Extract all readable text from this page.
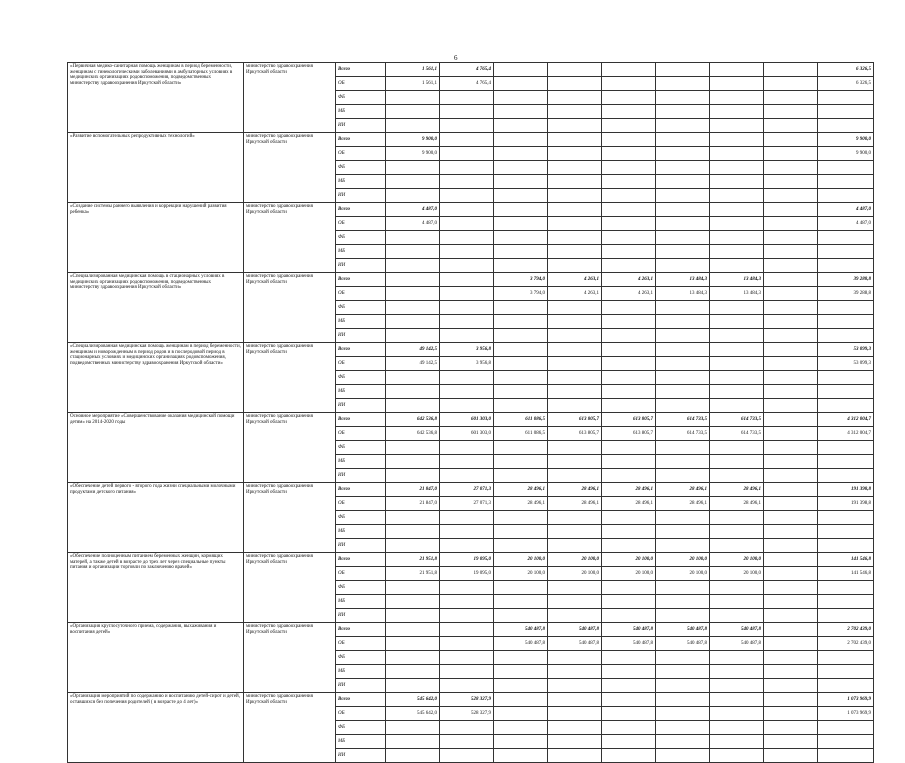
6
«Первичная медико-санитарная помощь женщинам в период беременности, женщинам с гинекологическими заболеваниями в амбулаторных условиях в медицинских организациях родовспоможения, подведомственных министерству здравоохранения Иркутской области»	министерство здравоохранения Иркутской области	Всего	1 561,1	4 765,4							6 326,5
		ОБ	1 561,1	4 765,4							6 326,5
		ФБ									
		МБ									
		ИИ									
«Развитие вспомогательных репродуктивных технологий»	министерство здравоохранения Иркутской области	Всего	9 900,0								9 900,0
		ОБ	9 900,0								9 900,0
		ФБ									
		МБ									
		ИИ									
«Создание системы раннего выявления и коррекции нарушений развития ребенка»	министерство здравоохранения Иркутской области	Всего	4 487,0								4 487,0
		ОБ	4 487,0								4 487,0
		ФБ									
		МБ									
		ИИ									
«Специализированная медицинская помощь в стационарных условиях в медицинских организациях родовспоможения, подведомственных министерству здравоохранения Иркутской области»	министерство здравоохранения Иркутской области	Всего			3 794,0	4 263,1	4 263,1	13 484,3	13 484,3		39 288,8
		ОБ			3 794,0	4 263,1	4 263,1	13 484,3	13 484,3		39 288,8
		ФБ									
		МБ									
		ИИ									
«Специализированная медицинская помощь женщинам в период беременности, женщинам и новорожденным в период родов и в послеродовой период в стационарных условиях и медицинских организациях родовспоможения, подведомственных министерству здравоохранения Иркутской области»	министерство здравоохранения Иркутской области	Всего	49 142,5	3 956,8							53 099,3
		ОБ	49 142,5	3 956,8							53 099,3
		ФБ									
		МБ									
		ИИ									
Основное мероприятие «Совершенствование оказания медицинской помощи детям» на 2014-2020 годы	министерство здравоохранения Иркутской области	Всего	642 536,8	601 303,0	611 086,5	613 805,7	613 805,7	614 733,5	614 733,5		4 312 004,7
		ОБ	642 536,8	601 303,0	611 086,5	613 805,7	613 805,7	614 733,5	614 733,5		4 312 004,7
		ФБ									
		МБ									
		ИИ									
«Обеспечение детей первого - второго года жизни специальными молочными продуктами детского питания»	министерство здравоохранения Иркутской области	Всего	21 847,0	27 071,3	28 496,1	28 496,1	28 496,1	28 496,1	28 496,1		191 398,8
		ОБ	21 847,0	27 071,3	28 496,1	28 496,1	28 496,1	28 496,1	28 496,1		191 398,8
		ФБ									
		МБ									
		ИИ									
«Обеспечение полноценным питанием беременных женщин, кормящих матерей, а также детей в возрасте до трех лет через специальные пункты питания и организации торговли по заключению врачей»	министерство здравоохранения Иркутской области	Всего	21 951,8	19 095,0	20 100,0	20 100,0	20 100,0	20 100,0	20 100,0		141 546,8
		ОБ	21 951,8	19 095,0	20 100,0	20 100,0	20 100,0	20 100,0	20 100,0		141 546,8
		ФБ									
		МБ									
		ИИ									
«Организация круглосуточного приема, содержания, выхаживания и воспитания детей»	министерство здравоохранения Иркутской области	Всего			540 487,8	540 487,8	540 487,8	540 487,8	540 487,8		2 702 439,0
		ОБ			540 487,8	540 487,8	540 487,8	540 487,8	540 487,8		2 702 439,0
		ФБ									
		МБ									
		ИИ									
«Организация мероприятий по содержанию и воспитанию детей-сирот и детей, оставшихся без попечения родителей ( в возрасте до 4 лет)»	министерство здравоохранения Иркутской области	Всего	545 642,0	528 327,9							1 073 969,9
		ОБ	545 642,0	528 327,9							1 073 969,9
		ФБ									
		МБ									
		ИИ									
